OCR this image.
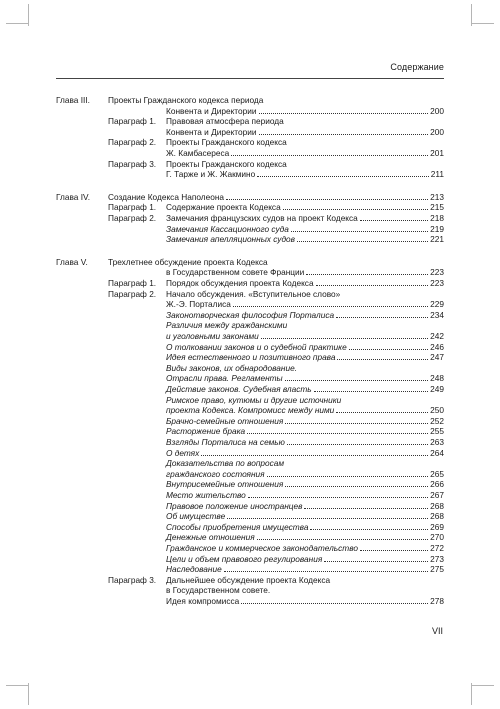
Содержание
Глава III. Проекты Гражданского кодекса периода
Конвента и Директории	200
Параграф 1. Правовая атмосфера периода
Конвента и Директории	200
Параграф 2. Проекты Гражданского кодекса
Ж. Камбасереса	201
Параграф 3. Проекты Гражданского кодекса
Г. Тарже и Ж. Жакмино	211
Глава IV. Создание Кодекса Наполеона	213
Параграф 1. Содержание проекта Кодекса	215
Параграф 2. Замечания французских судов на проект Кодекса	218
Замечания Кассационного суда	219
Замечания апелляционных судов	221
Глава V. Трехлетнее обсуждение проекта Кодекса
в Государственном совете Франции	223
Параграф 1. Порядок обсуждения проекта Кодекса	223
Параграф 2. Начало обсуждения. «Вступительное слово»
Ж.-Э. Порталиса	229
Законотворческая философия Порталиса	234
Различия между гражданскими
и уголовными законами	242
О толковании законов и о судебной практике	246
Идея естественного и позитивного права	247
Виды законов, их обнародование.
Отрасли права. Регламенты	248
Действие законов. Судебная власть	249
Римское право, кутюмы и другие источники
проекта Кодекса. Компромисс между ними	250
Брачно-семейные отношения	252
Расторжение брака	255
Взгляды Порталиса на семью	263
О детях	264
Доказательства по вопросам
гражданского состояния	265
Внутрисемейные отношения	266
Место жительство	267
Правовое положение иностранцев	268
Об имуществе	268
Способы приобретения имущества	269
Денежные отношения	270
Гражданское и коммерческое законодательство	272
Цели и объем правового регулирования	273
Наследование	275
Параграф 3. Дальнейшее обсуждение проекта Кодекса
в Государственном совете.
Идея компромисса	278
VII
